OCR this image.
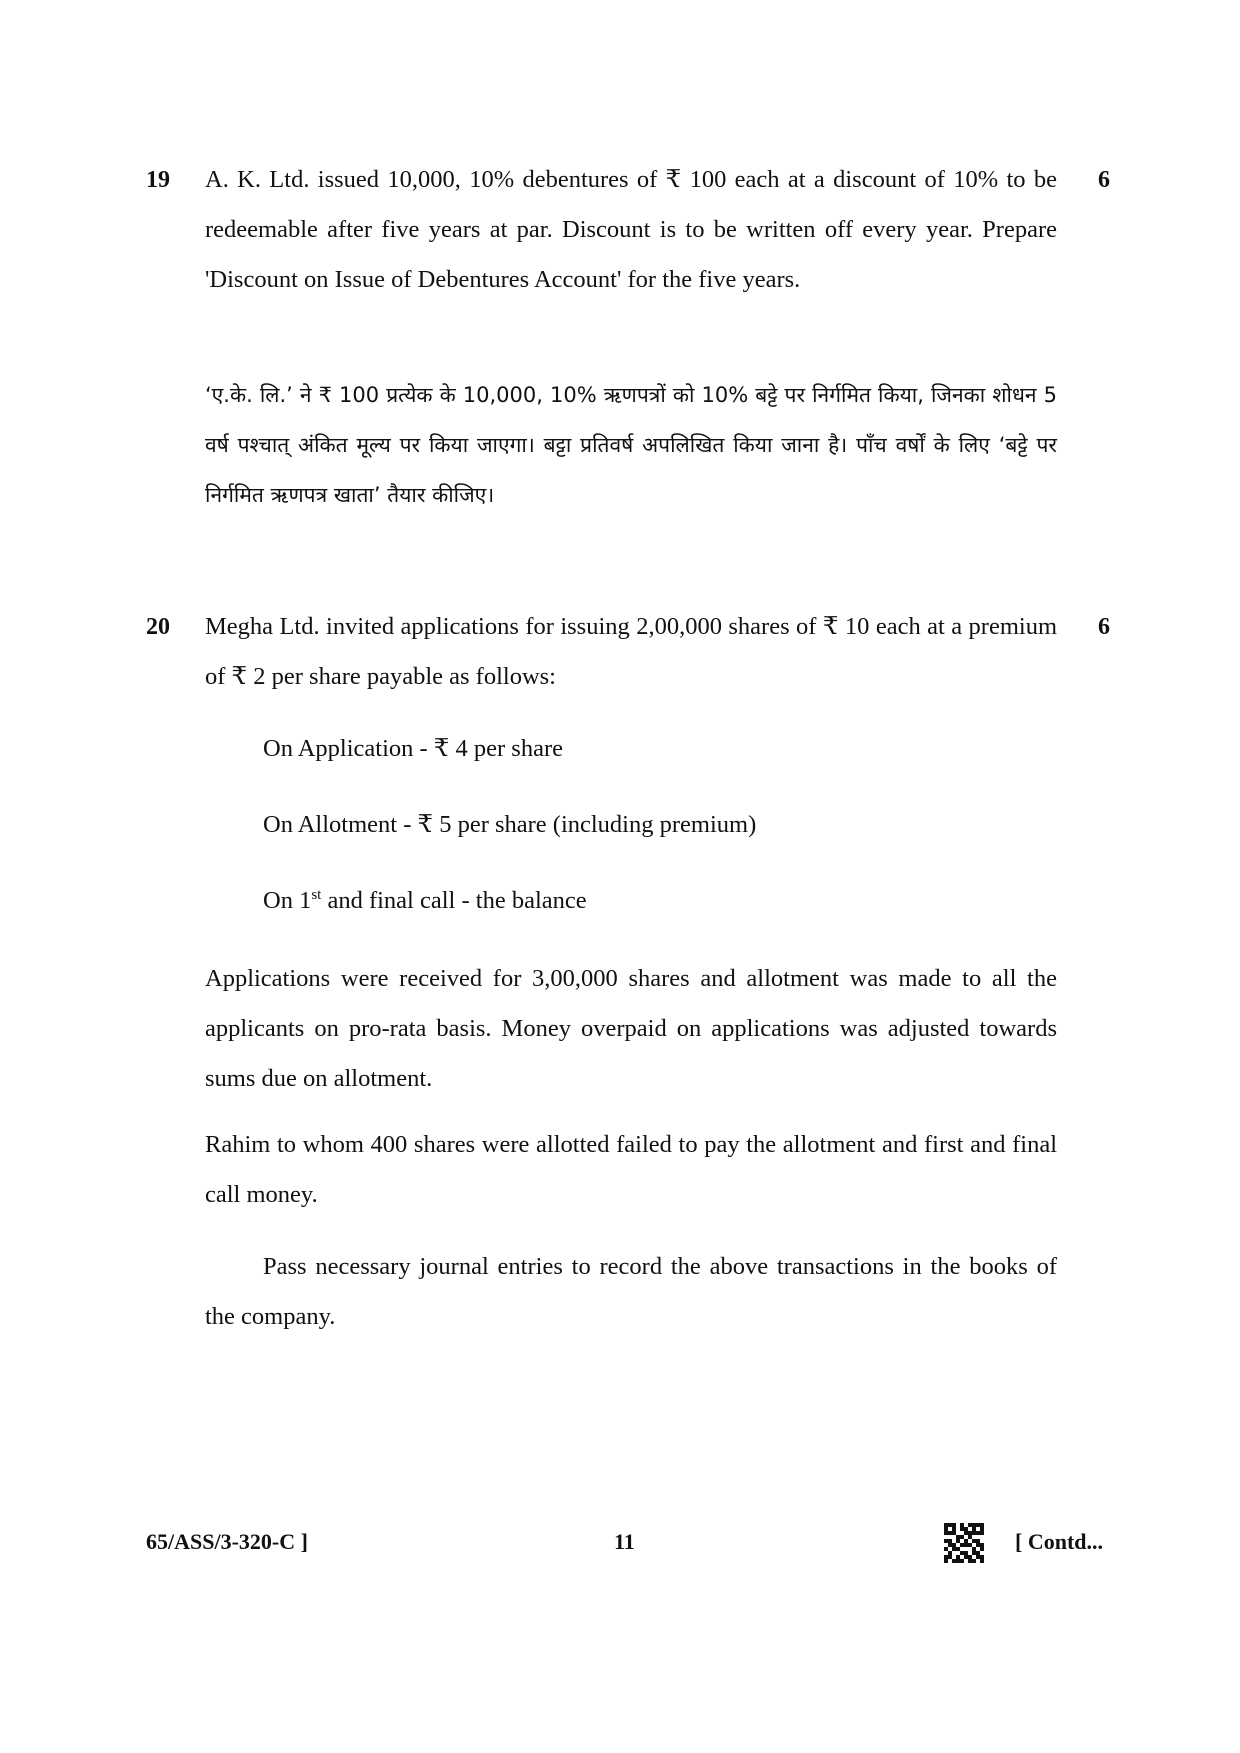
19	6

A. K. Ltd. issued 10,000, 10% debentures of ₹ 100 each at a discount of 10% to be redeemable after five years at par. Discount is to be written off every year. Prepare 'Discount on Issue of Debentures Account' for the five years.

‘ए.के. लि.’ ने ₹ 100 प्रत्येक के 10,000, 10% ऋणपत्रों को 10% बट्टे पर निर्गमित किया, जिनका शोधन 5 वर्ष पश्चात् अंकित मूल्य पर किया जाएगा। बट्टा प्रतिवर्ष अपलिखित किया जाना है। पाँच वर्षों के लिए ‘बट्टे पर निर्गमित ऋणपत्र खाता’ तैयार कीजिए।

20	6

Megha Ltd. invited applications for issuing 2,00,000 shares of ₹ 10 each at a premium of ₹ 2 per share payable as follows:

On Application - ₹ 4 per share
On Allotment - ₹ 5 per share (including premium)
On 1st and final call - the balance

Applications were received for 3,00,000 shares and allotment was made to all the applicants on pro-rata basis. Money overpaid on applications was adjusted towards sums due on allotment.

Rahim to whom 400 shares were allotted failed to pay the allotment and first and final call money.

Pass necessary journal entries to record the above transactions in the books of the company.

65/ASS/3-320-C ]	11	[ Contd...
